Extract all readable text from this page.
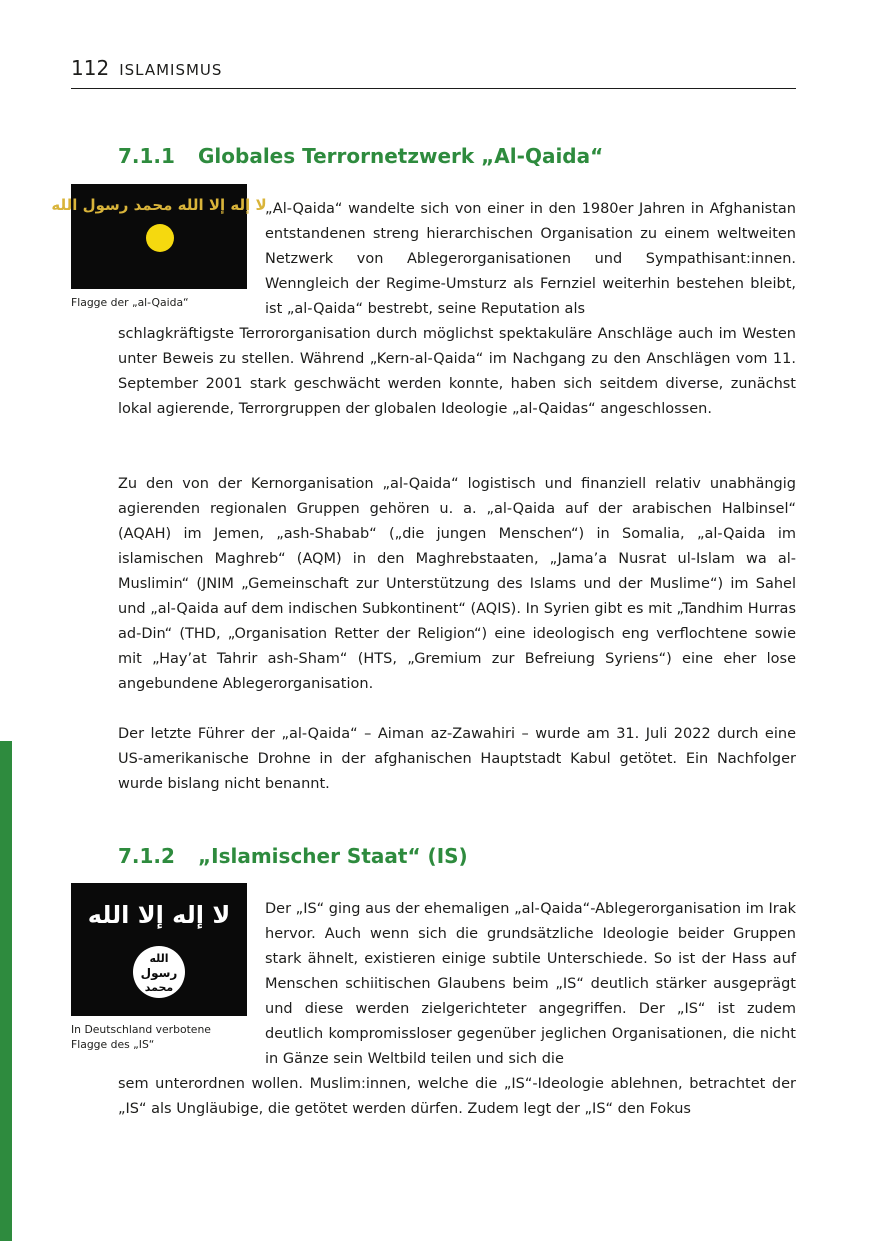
112 ISLAMISMUS
7.1.1	Globales Terrornetzwerk „Al-Qaida“
لا إله إلا الله محمد رسول الله
Flagge der „al-Qaida“

„Al-Qaida“ wandelte sich von einer in den 1980er Jahren in Afghanistan entstandenen streng hierarchischen Organisation zu einem weltweiten Netzwerk von Ablegerorganisationen und Sympathisant:innen. Wenngleich der Regime-Umsturz als Fernziel weiterhin bestehen bleibt, ist „al-Qaida“ bestrebt, seine Reputation als

schlagkräftigste Terrororganisation durch möglichst spektakuläre Anschläge auch im Westen unter Beweis zu stellen. Während „Kern-al-Qaida“ im Nachgang zu den Anschlägen vom 11. September 2001 stark geschwächt werden konnte, haben sich seitdem diverse, zunächst lokal agierende, Terrorgruppen der globalen Ideologie „al-Qaidas“ angeschlossen.

Zu den von der Kernorganisation „al-Qaida“ logistisch und finanziell relativ unabhängig agierenden regionalen Gruppen gehören u. a. „al-Qaida auf der arabischen Halbinsel“ (AQAH) im Jemen, „ash-Shabab“ („die jungen Menschen“) in Somalia, „al-Qaida im islamischen Maghreb“ (AQM) in den Maghrebstaaten, „Jama’a Nusrat ul-Islam wa al-Muslimin“ (JNIM „Gemeinschaft zur Unterstützung des Islams und der Muslime“) im Sahel und „al-Qaida auf dem indischen Subkontinent“ (AQIS). In Syrien gibt es mit „Tandhim Hurras ad-Din“ (THD, „Organisation Retter der Religion“) eine ideologisch eng verflochtene sowie mit „Hay’at Tahrir ash-Sham“ (HTS, „Gremium zur Befreiung Syriens“) eine eher lose angebundene Ablegerorganisation.

Der letzte Führer der „al-Qaida“ – Aiman az-Zawahiri – wurde am 31. Juli 2022 durch eine US-amerikanische Drohne in der afghanischen Hauptstadt Kabul getötet. Ein Nachfolger wurde bislang nicht benannt.

7.1.2	„Islamischer Staat“ (IS)
لا إله إلا الله
الله
رسول
محمد
In Deutschland verbotene
Flagge des „IS“

Der „IS“ ging aus der ehemaligen „al-Qaida“-Ablegerorganisation im Irak hervor. Auch wenn sich die grundsätzliche Ideologie beider Gruppen stark ähnelt, existieren einige subtile Unterschiede. So ist der Hass auf Menschen schiitischen Glaubens beim „IS“ deutlich stärker ausgeprägt und diese werden zielgerichteter angegriffen. Der „IS“ ist zudem deutlich kompromissloser gegenüber jeglichen Organisationen, die nicht in Gänze sein Weltbild teilen und sich die

sem unterordnen wollen. Muslim:innen, welche die „IS“-Ideologie ablehnen, betrachtet der „IS“ als Ungläubige, die getötet werden dürfen. Zudem legt der „IS“ den Fokus
